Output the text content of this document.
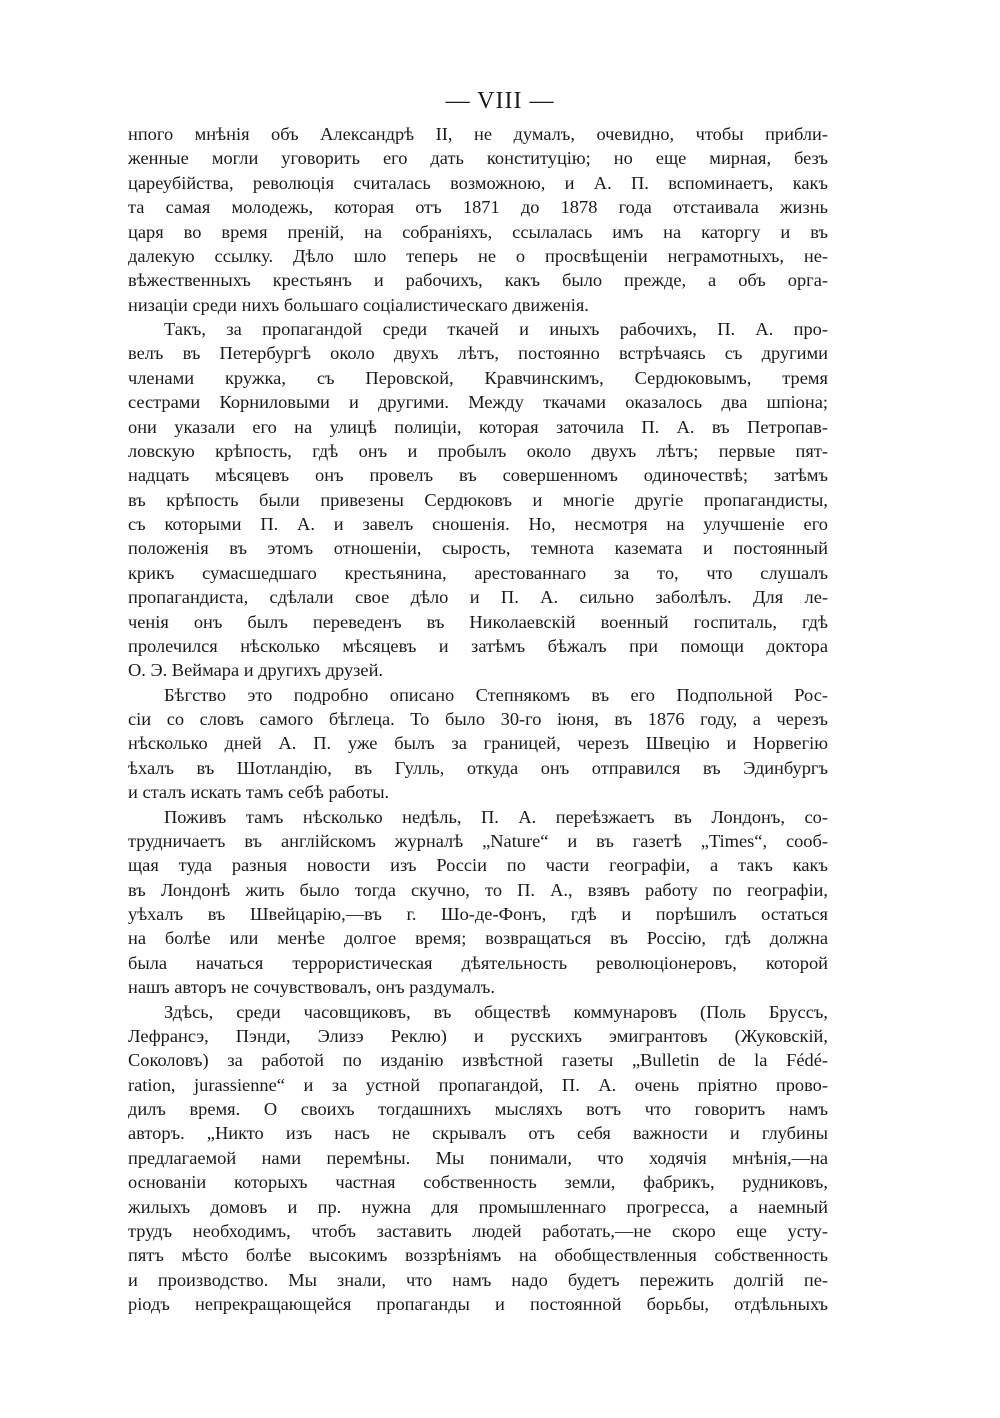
— VIII —
нпого мнѣнія объ Александрѣ II, не думалъ, очевидно, чтобы прибли-
женные могли уговорить его дать конституцію; но еще мирная, безъ
цареубійства, революція считалась возможною, и А. П. вспоминаетъ, какъ
та самая молодежь, которая отъ 1871 до 1878 года отстаивала жизнь
царя во время преній, на собраніяхъ, ссылалась имъ на каторгу и въ
далекую ссылку. Дѣло шло теперь не о просвѣщеніи неграмотныхъ, не-
вѣжественныхъ крестьянъ и рабочихъ, какъ было прежде, а объ орга-
низаціи среди нихъ большаго соціалистическаго движенія.
Такъ, за пропагандой среди ткачей и иныхъ рабочихъ, П. А. про-
велъ въ Петербургѣ около двухъ лѣтъ, постоянно встрѣчаясь съ другими
членами кружка, съ Перовской, Кравчинскимъ, Сердюковымъ, тремя
сестрами Корниловыми и другими. Между ткачами оказалось два шпіона;
они указали его на улицѣ полиціи, которая заточила П. А. въ Петропав-
ловскую крѣпость, гдѣ онъ и пробылъ около двухъ лѣтъ; первые пят-
надцать мѣсяцевъ онъ провелъ въ совершенномъ одиночествѣ; затѣмъ
въ крѣпость были привезены Сердюковъ и многіе другіе пропагандисты,
съ которыми П. А. и завелъ сношенія. Но, несмотря на улучшеніе его
положенія въ этомъ отношеніи, сырость, темнота каземата и постоянный
крикъ сумасшедшаго крестьянина, арестованнаго за то, что слушалъ
пропагандиста, сдѣлали свое дѣло и П. А. сильно заболѣлъ. Для ле-
ченія онъ былъ переведенъ въ Николаевскій военный госпиталь, гдѣ
пролечился нѣсколько мѣсяцевъ и затѣмъ бѣжалъ при помощи доктора
О. Э. Веймара и другихъ друзей.
Бѣгство это подробно описано Степнякомъ въ его Подпольной Рос-
сіи со словъ самого бѣглеца. То было 30-го іюня, въ 1876 году, а черезъ
нѣсколько дней А. П. уже былъ за границей, черезъ Швецію и Норвегію
ѣхалъ въ Шотландію, въ Гулль, откуда онъ отправился въ Эдинбургъ
и сталъ искать тамъ себѣ работы.
Поживъ тамъ нѣсколько недѣль, П. А. переѣзжаетъ въ Лондонъ, со-
трудничаетъ въ англійскомъ журналѣ „Nature“ и въ газетѣ „Times“, сооб-
щая туда разныя новости изъ Россіи по части географіи, а такъ какъ
въ Лондонѣ жить было тогда скучно, то П. А., взявъ работу по географіи,
уѣхалъ въ Швейцарію,—въ г. Шо-де-Фонъ, гдѣ и порѣшилъ остаться
на болѣе или менѣе долгое время; возвращаться въ Россію, гдѣ должна
была начаться террористическая дѣятельность революціонеровъ, которой
нашъ авторъ не сочувствовалъ, онъ раздумалъ.
Здѣсь, среди часовщиковъ, въ обществѣ коммунаровъ (Поль Бруссъ,
Лефрансэ, Пэнди, Элизэ Реклю) и русскихъ эмигрантовъ (Жуковскій,
Соколовъ) за работой по изданію извѣстной газеты „Bulletin de la Fédé-
ration, jurassienne“ и за устной пропагандой, П. А. очень пріятно прово-
дилъ время. О своихъ тогдашнихъ мысляхъ вотъ что говоритъ намъ
авторъ. „Никто изъ насъ не скрывалъ отъ себя важности и глубины
предлагаемой нами перемѣны. Мы понимали, что ходячія мнѣнія,—на
основаніи которыхъ частная собственность земли, фабрикъ, рудниковъ,
жилыхъ домовъ и пр. нужна для промышленнаго прогресса, а наемный
трудъ необходимъ, чтобъ заставить людей работать,—не скоро еще усту-
пятъ мѣсто болѣе высокимъ воззрѣніямъ на обобществленныя собственность
и производство. Мы знали, что намъ надо будетъ пережить долгій пе-
ріодъ непрекращающейся пропаганды и постоянной борьбы, отдѣльныхъ
